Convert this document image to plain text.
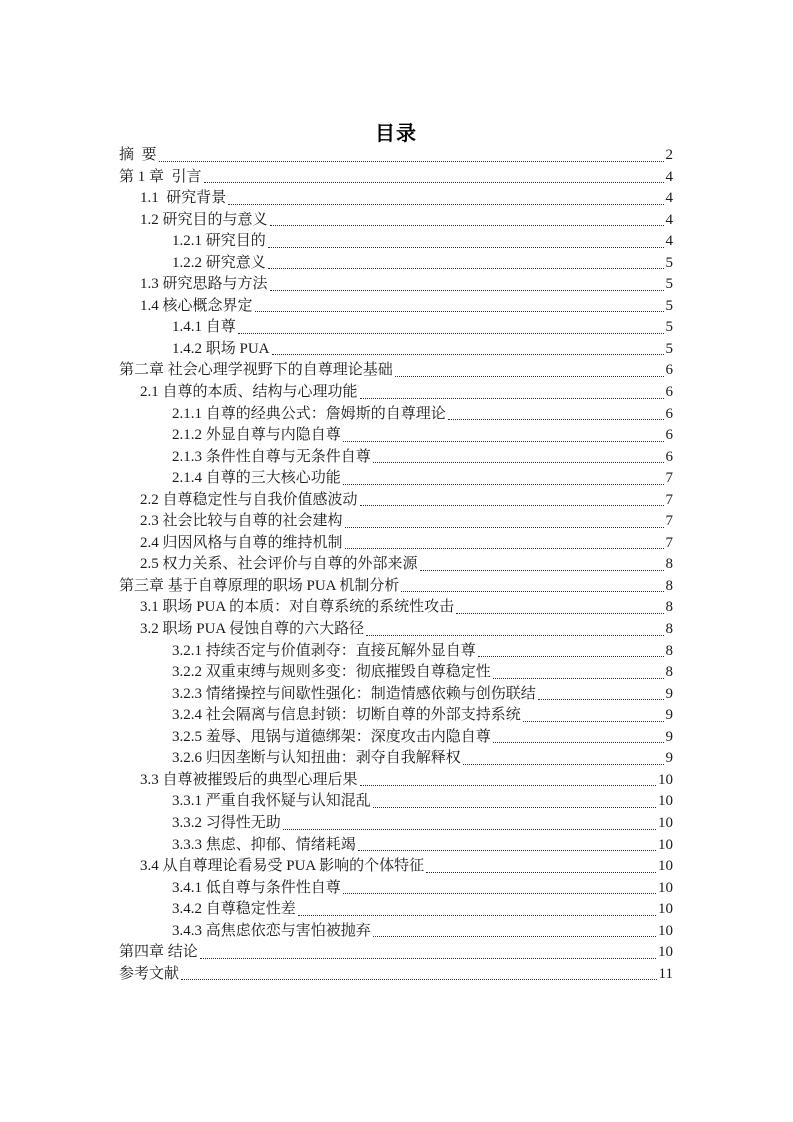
目录
摘  要	2
第 1 章  引言	4
1.1  研究背景	4
1.2 研究目的与意义	4
1.2.1 研究目的	4
1.2.2 研究意义	5
1.3 研究思路与方法	5
1.4 核心概念界定	5
1.4.1 自尊	5
1.4.2 职场 PUA	5
第二章 社会心理学视野下的自尊理论基础	6
2.1 自尊的本质、结构与心理功能	6
2.1.1 自尊的经典公式：詹姆斯的自尊理论	6
2.1.2 外显自尊与内隐自尊	6
2.1.3 条件性自尊与无条件自尊	6
2.1.4 自尊的三大核心功能	7
2.2 自尊稳定性与自我价值感波动	7
2.3 社会比较与自尊的社会建构	7
2.4 归因风格与自尊的维持机制	7
2.5 权力关系、社会评价与自尊的外部来源	8
第三章 基于自尊原理的职场 PUA 机制分析	8
3.1 职场 PUA 的本质：对自尊系统的系统性攻击	8
3.2 职场 PUA 侵蚀自尊的六大路径	8
3.2.1 持续否定与价值剥夺：直接瓦解外显自尊	8
3.2.2 双重束缚与规则多变：彻底摧毁自尊稳定性	8
3.2.3 情绪操控与间歇性强化：制造情感依赖与创伤联结	9
3.2.4 社会隔离与信息封锁：切断自尊的外部支持系统	9
3.2.5 羞辱、甩锅与道德绑架：深度攻击内隐自尊	9
3.2.6 归因垄断与认知扭曲：剥夺自我解释权	9
3.3 自尊被摧毁后的典型心理后果	10
3.3.1 严重自我怀疑与认知混乱	10
3.3.2 习得性无助	10
3.3.3 焦虑、抑郁、情绪耗竭	10
3.4 从自尊理论看易受 PUA 影响的个体特征	10
3.4.1 低自尊与条件性自尊	10
3.4.2 自尊稳定性差	10
3.4.3 高焦虑依恋与害怕被抛弃	10
第四章 结论	10
参考文献	11
